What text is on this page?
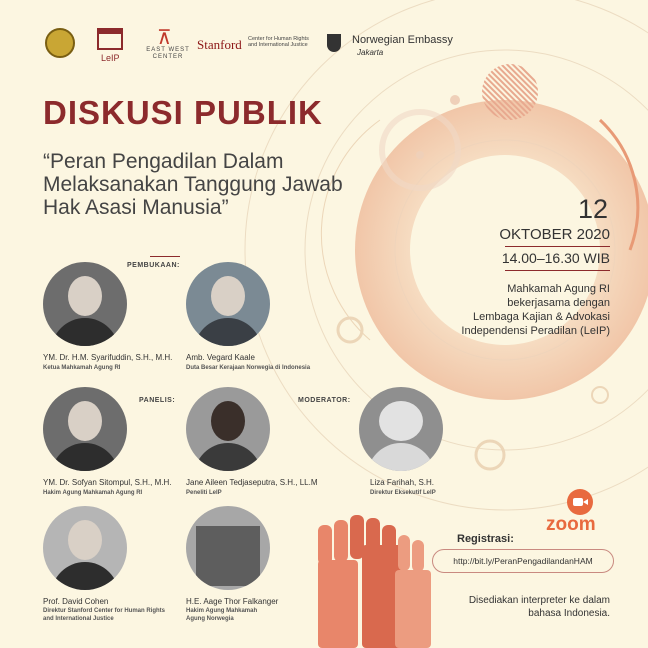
LeIP
⊼
EAST WEST CENTER
Stanford Center for Human Rights and International Justice	Norwegian Embassy
Jakarta
DISKUSI PUBLIK
“Peran Pengadilan Dalam Melaksanakan Tanggung Jawab Hak Asasi Manusia”	12
OKTOBER 2020
14.00–16.30 WIB
Mahkamah Agung RI bekerjasama dengan Lembaga Kajian & Advokasi Independensi Peradilan (LeIP)
PEMBUKAAN:
PANELIS:	MODERATOR:
YM. Dr. H.M. Syarifuddin, S.H., M.H.
Ketua Mahkamah Agung RI
Amb. Vegard Kaale
Duta Besar Kerajaan Norwegia di Indonesia
YM. Dr. Sofyan Sitompul, S.H., M.H.
Hakim Agung Mahkamah Agung RI
Jane Aileen Tedjaseputra, S.H., LL.M
Peneliti LeIP
Liza Farihah, S.H.
Direktur Eksekutif LeIP
Prof. David Cohen
Direktur Stanford Center for Human Rights and International Justice
H.E. Aage Thor Falkanger
Hakim Agung Mahkamah Agung Norwegia
zoom
Registrasi:
http://bit.ly/PeranPengadilandanHAM
Disediakan interpreter ke dalam bahasa Indonesia.
